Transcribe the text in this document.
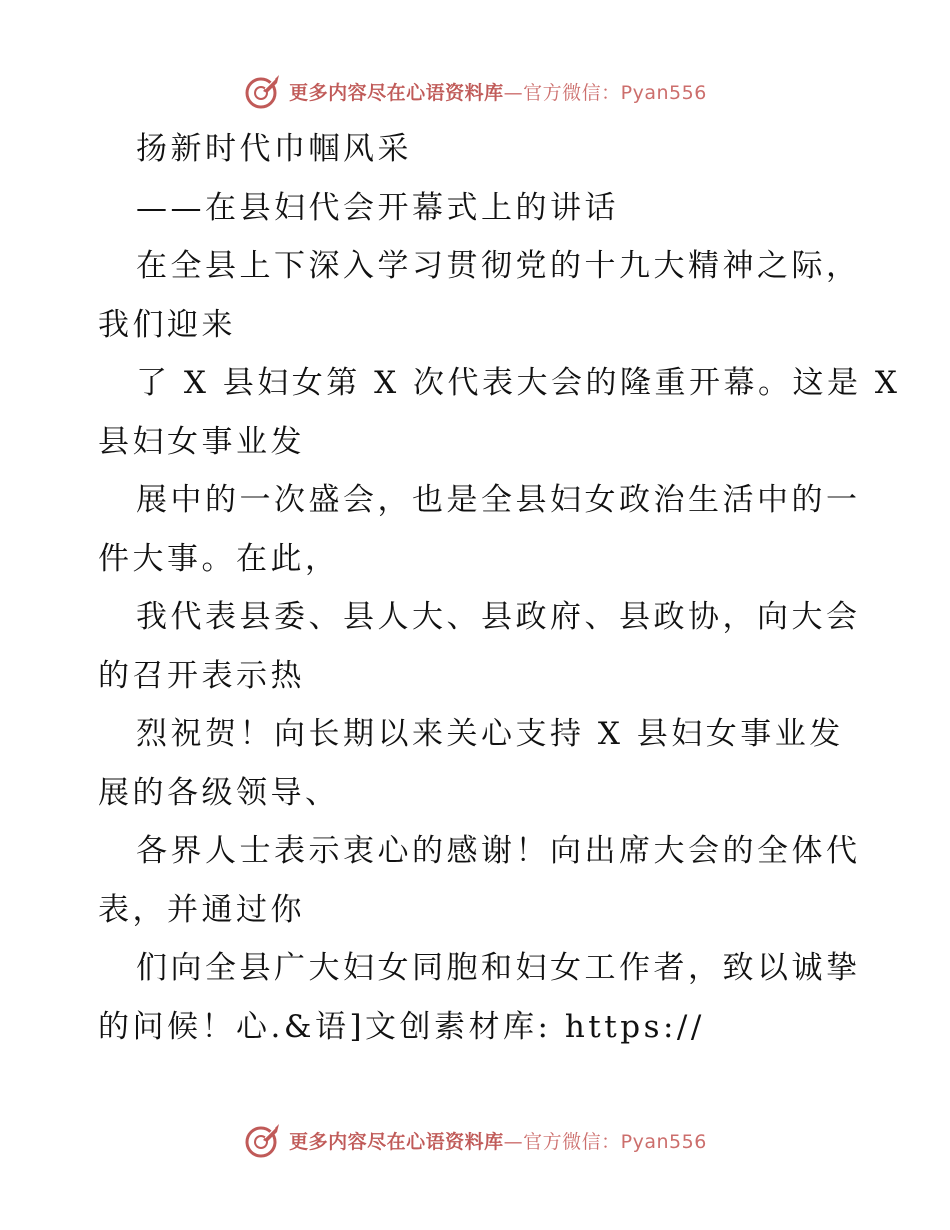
更多内容尽在心语资料库—官方微信：Pyan556
扬新时代巾帼风采
——在县妇代会开幕式上的讲话
在全县上下深入学习贯彻党的十九大精神之际，
我们迎来
了 X 县妇女第 X 次代表大会的隆重开幕。这是 X
县妇女事业发
展中的一次盛会，也是全县妇女政治生活中的一
件大事。在此，
我代表县委、县人大、县政府、县政协，向大会
的召开表示热
烈祝贺！向长期以来关心支持 X 县妇女事业发
展的各级领导、
各界人士表示衷心的感谢！向出席大会的全体代
表，并通过你
们向全县广大妇女同胞和妇女工作者，致以诚挚
的问候！心.&语]文创素材库: https://
更多内容尽在心语资料库—官方微信：Pyan556
